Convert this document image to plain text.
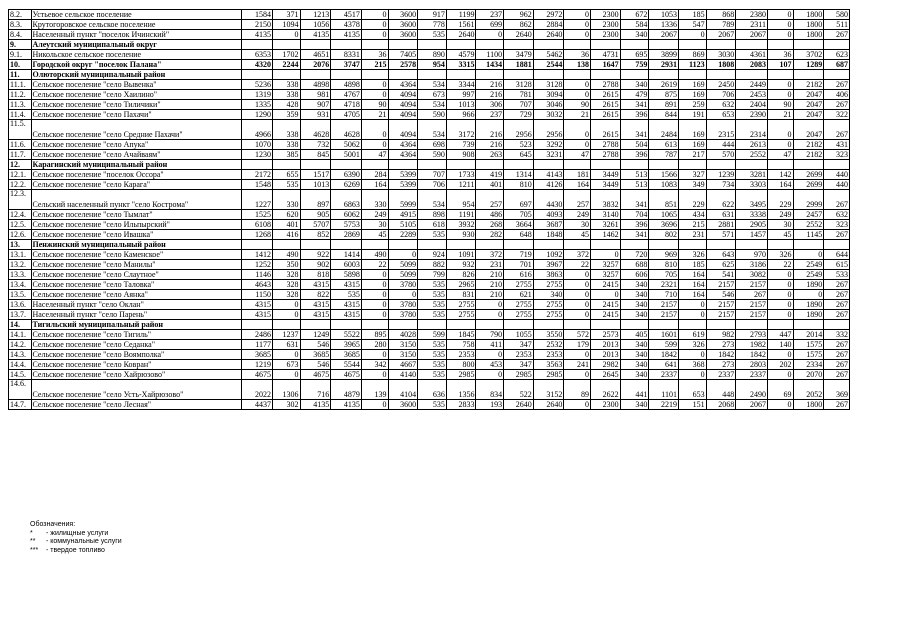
8.2.	Устьевое сельское поселение	1584	371	1213	4517	0	3600	917	1199	237	962	2972	0	2300	672	1053	185	868	2380	0	1800	580
8.3.	Крутогоровское сельское поселение	2150	1094	1056	4378	0	3600	778	1561	699	862	2884	0	2300	584	1336	547	789	2311	0	1800	511
8.4.	Населенный пункт "поселок Ичинский"	4135	0	4135	4135	0	3600	535	2640	0	2640	2640	0	2300	340	2067	0	2067	2067	0	1800	267
9.	Алеутский муниципальный округ																					
9.1.	Никольское сельское поселение	6353	1702	4651	8331	36	7405	890	4579	1100	3479	5462	36	4731	695	3899	869	3030	4361	36	3702	623
10.	Городской округ "поселок Палана"	4320	2244	2076	3747	215	2578	954	3315	1434	1881	2544	138	1647	759	2931	1123	1808	2083	107	1289	687
11.	Олюторский муниципальный район																					
11.1.	Сельское поселение "село Вывенка"	5236	338	4898	4898	0	4364	534	3344	216	3128	3128	0	2788	340	2619	169	2450	2449	0	2182	267
11.2.	Сельское поселение "село Хаилино"	1319	338	981	4767	0	4094	673	997	216	781	3094	0	2615	479	875	169	706	2453	0	2047	406
11.3.	Сельское поселение "село Тиличики"	1335	428	907	4718	90	4094	534	1013	306	707	3046	90	2615	341	891	259	632	2404	90	2047	267
11.4.	Сельское поселение "село Пахачи"	1290	359	931	4705	21	4094	590	966	237	729	3032	21	2615	396	844	191	653	2390	21	2047	322
11.5.	Сельское поселение "село Средние Пахачи"	4966	338	4628	4628	0	4094	534	3172	216	2956	2956	0	2615	341	2484	169	2315	2314	0	2047	267
11.6.	Сельское поселение "село Апука"	1070	338	732	5062	0	4364	698	739	216	523	3292	0	2788	504	613	169	444	2613	0	2182	431
11.7.	Сельское поселение "село Ачайваям"	1230	385	845	5001	47	4364	590	908	263	645	3231	47	2788	396	787	217	570	2552	47	2182	323
12.	Карагинский муниципальный район																					
12.1.	Сельское поселение "поселок Оссора"	2172	655	1517	6390	284	5399	707	1733	419	1314	4143	181	3449	513	1566	327	1239	3281	142	2699	440
12.2.	Сельское поселение "село Карага"	1548	535	1013	6269	164	5399	706	1211	401	810	4126	164	3449	513	1083	349	734	3303	164	2699	440
12.3.	Сельский населенный пункт "село Кострома"	1227	330	897	6863	330	5999	534	954	257	697	4430	257	3832	341	851	229	622	3495	229	2999	267
12.4.	Сельское поселение "село Тымлат"	1525	620	905	6062	249	4915	898	1191	486	705	4093	249	3140	704	1065	434	631	3338	249	2457	632
12.5.	Сельское поселение "село Ильпырский"	6108	401	5707	5753	30	5105	618	3932	268	3664	3687	30	3261	396	3696	215	2881	2905	30	2552	323
12.6.	Сельское поселение "село Ивашка"	1268	416	852	2869	45	2289	535	930	282	648	1848	45	1462	341	802	231	571	1457	45	1145	267
13.	Пенжинский муниципальный район																					
13.1.	Сельское поселение "село Каменское"	1412	490	922	1414	490	0	924	1091	372	719	1092	372	0	720	969	326	643	970	326	0	644
13.2.	Сельское поселение "село Манилы"	1252	350	902	6003	22	5099	882	932	231	701	3967	22	3257	688	810	185	625	3186	22	2549	615
13.3.	Сельское поселение "село Слаутное"	1146	328	818	5898	0	5099	799	826	210	616	3863	0	3257	606	705	164	541	3082	0	2549	533
13.4.	Сельское поселение "село Таловка"	4643	328	4315	4315	0	3780	535	2965	210	2755	2755	0	2415	340	2321	164	2157	2157	0	1890	267
13.5.	Сельское поселение "село Аянка"	1150	328	822	535	0	0	535	831	210	621	340	0	0	340	710	164	546	267	0	0	267
13.6.	Населенный пункт "село Оклан"	4315	0	4315	4315	0	3780	535	2755	0	2755	2755	0	2415	340	2157	0	2157	2157	0	1890	267
13.7.	Населенный пункт "село Парень"	4315	0	4315	4315	0	3780	535	2755	0	2755	2755	0	2415	340	2157	0	2157	2157	0	1890	267
14.	Тигильский муниципальный район																					
14.1.	Сельское поселение "село Тигиль"	2486	1237	1249	5522	895	4028	599	1845	790	1055	3550	572	2573	405	1601	619	982	2793	447	2014	332
14.2.	Сельское поселение "село Седанка"	1177	631	546	3965	280	3150	535	758	411	347	2532	179	2013	340	599	326	273	1982	140	1575	267
14.3.	Сельское поселение "село Воямполка"	3685	0	3685	3685	0	3150	535	2353	0	2353	2353	0	2013	340	1842	0	1842	1842	0	1575	267
14.4.	Сельское поселение "село Ковран"	1219	673	546	5544	342	4667	535	800	453	347	3563	241	2982	340	641	368	273	2803	202	2334	267
14.5.	Сельское поселение "село Хайрюзово"	4675	0	4675	4675	0	4140	535	2985	0	2985	2985	0	2645	340	2337	0	2337	2337	0	2070	267
14.6.	Сельское поселение "село Усть-Хайрюзово"	2022	1306	716	4879	139	4104	636	1356	834	522	3152	89	2622	441	1101	653	448	2490	69	2052	369
14.7.	Сельское поселение "село Лесная"	4437	302	4135	4135	0	3600	535	2833	193	2640	2640	0	2300	340	2219	151	2068	2067	0	1800	267
Обозначения:
* - жилищные услуги
** - коммунальные услуги
*** - твердое топливо
